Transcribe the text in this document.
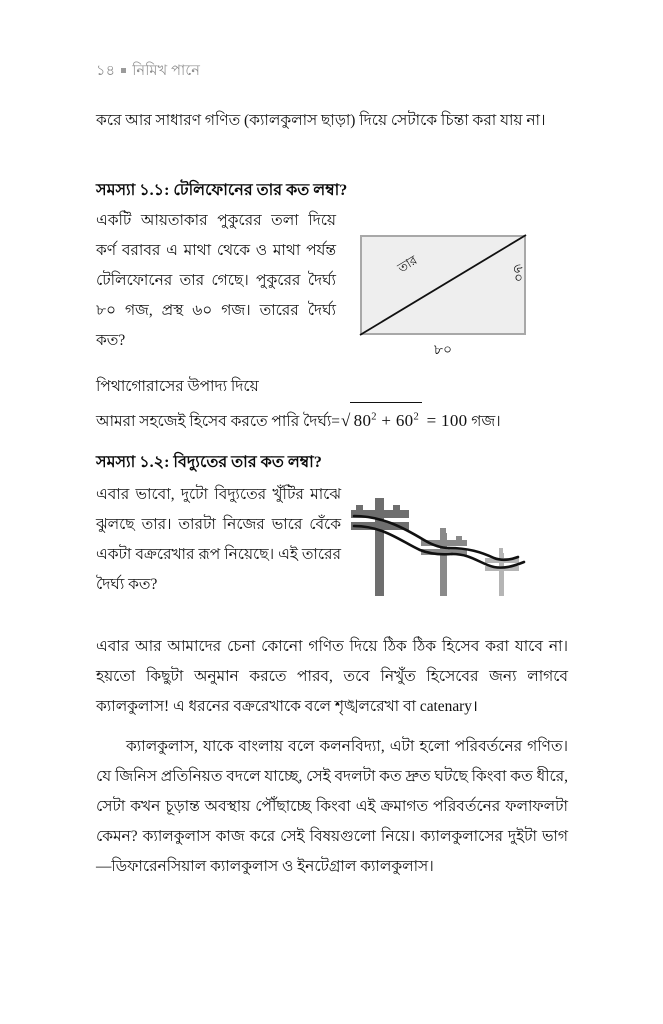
১৪ নিমিখ পানে

করে আর সাধারণ গণিত (ক্যালকুলাস ছাড়া) দিয়ে সেটাকে চিন্তা করা যায় না।

সমস্যা ১.১: টেলিফোনের তার কত লম্বা?

একটি আয়তাকার পুকুরের তলা দিয়ে কর্ণ বরাবর এ মাথা থেকে ও মাথা পর্যন্ত টেলিফোনের তার গেছে। পুকুরের দৈর্ঘ্য ৮০ গজ, প্রস্থ ৬০ গজ। তারের দৈর্ঘ্য কত?

তার
৮০
৬০

পিথাগোরাসের উপাদ্য দিয়ে

আমরা সহজেই হিসেব করতে পারি দৈর্ঘ্য=√ $80^2 + 60^2 = 100$ গজ।
সমস্যা ১.২: বিদ্যুতের তার কত লম্বা?

এবার ভাবো, দুটো বিদ্যুতের খুঁটির মাঝে ঝুলছে তার। তারটা নিজের ভারে বেঁকে একটা বক্ররেখার রূপ নিয়েছে। এই তারের দৈর্ঘ্য কত?

এবার আর আমাদের চেনা কোনো গণিত দিয়ে ঠিক ঠিক হিসেব করা যাবে না। হয়তো কিছুটা অনুমান করতে পারব, তবে নিখুঁত হিসেবের জন্য লাগবে ক্যালকুলাস! এ ধরনের বক্ররেখাকে বলে শৃঙ্খলরেখা বা catenary।

ক্যালকুলাস, যাকে বাংলায় বলে কলনবিদ্যা, এটা হলো পরিবর্তনের গণিত। যে জিনিস প্রতিনিয়ত বদলে যাচ্ছে, সেই বদলটা কত দ্রুত ঘটছে কিংবা কত ধীরে, সেটা কখন চূড়ান্ত অবস্থায় পৌঁছাচ্ছে কিংবা এই ক্রমাগত পরিবর্তনের ফলাফলটা কেমন? ক্যালকুলাস কাজ করে সেই বিষয়গুলো নিয়ে। ক্যালকুলাসের দুইটা ভাগ—ডিফারেনসিয়াল ক্যালকুলাস ও ইনটেগ্রাল ক্যালকুলাস।
